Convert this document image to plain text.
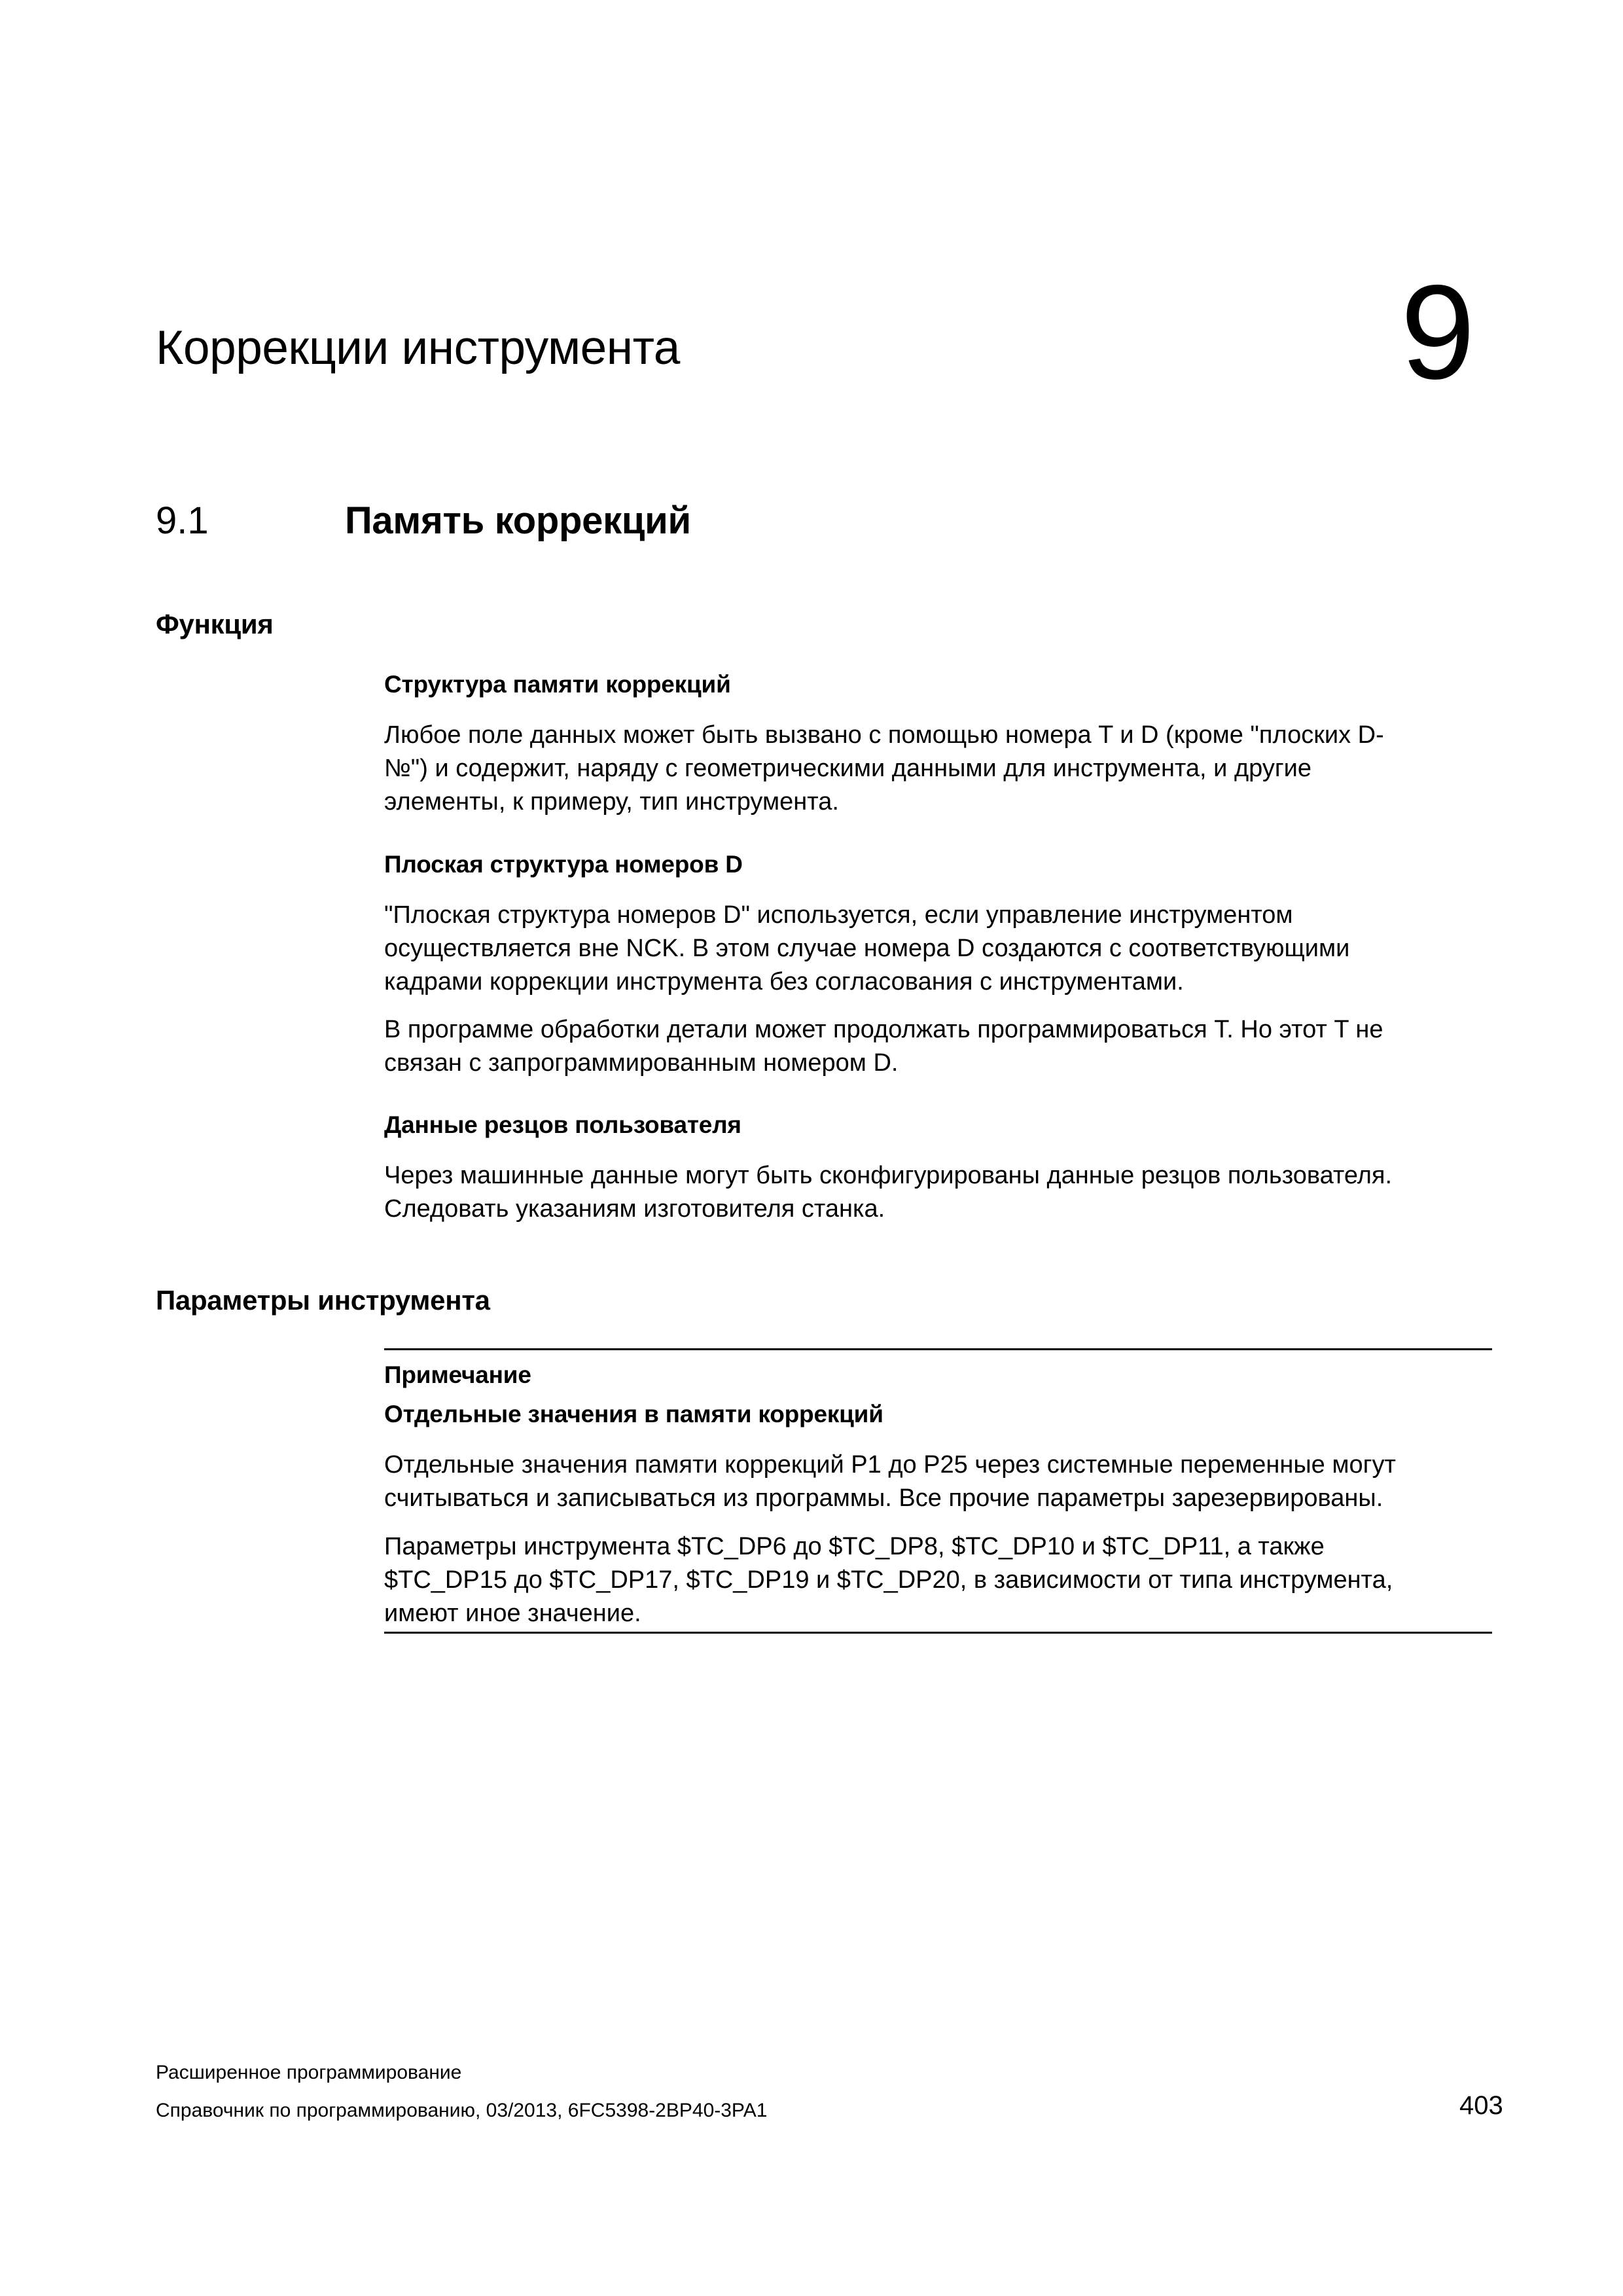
Коррекции инструмента	9
9.1	Память коррекций
Функция
Структура памяти коррекций

Любое поле данных может быть вызвано с помощью номера T и D (кроме "плоских D-

№") и содержит, наряду с геометрическими данными для инструмента, и другие

элементы, к примеру, тип инструмента.

Плоская структура номеров D

"Плоская структура номеров D" используется, если управление инструментом

осуществляется вне NCK. В этом случае номера D создаются с соответствующими

кадрами коррекции инструмента без согласования с инструментами.

В программе обработки детали может продолжать программироваться T. Но этот T не

связан с запрограммированным номером D.

Данные резцов пользователя

Через машинные данные могут быть сконфигурированы данные резцов пользователя.

Следовать указаниям изготовителя станка.

Параметры инструмента
Примечание
Отдельные значения в памяти коррекций

Отдельные значения памяти коррекций P1 до P25 через системные переменные могут

считываться и записываться из программы. Все прочие параметры зарезервированы.

Параметры инструмента $TC_DP6 до $TC_DP8, $TC_DP10 и $TC_DP11, а также

$TC_DP15 до $TC_DP17, $TC_DP19 и $TC_DP20, в зависимости от типа инструмента,

имеют иное значение.

Расширенное программирование
Справочник по программированию, 03/2013, 6FC5398-2BP40-3PA1	403
